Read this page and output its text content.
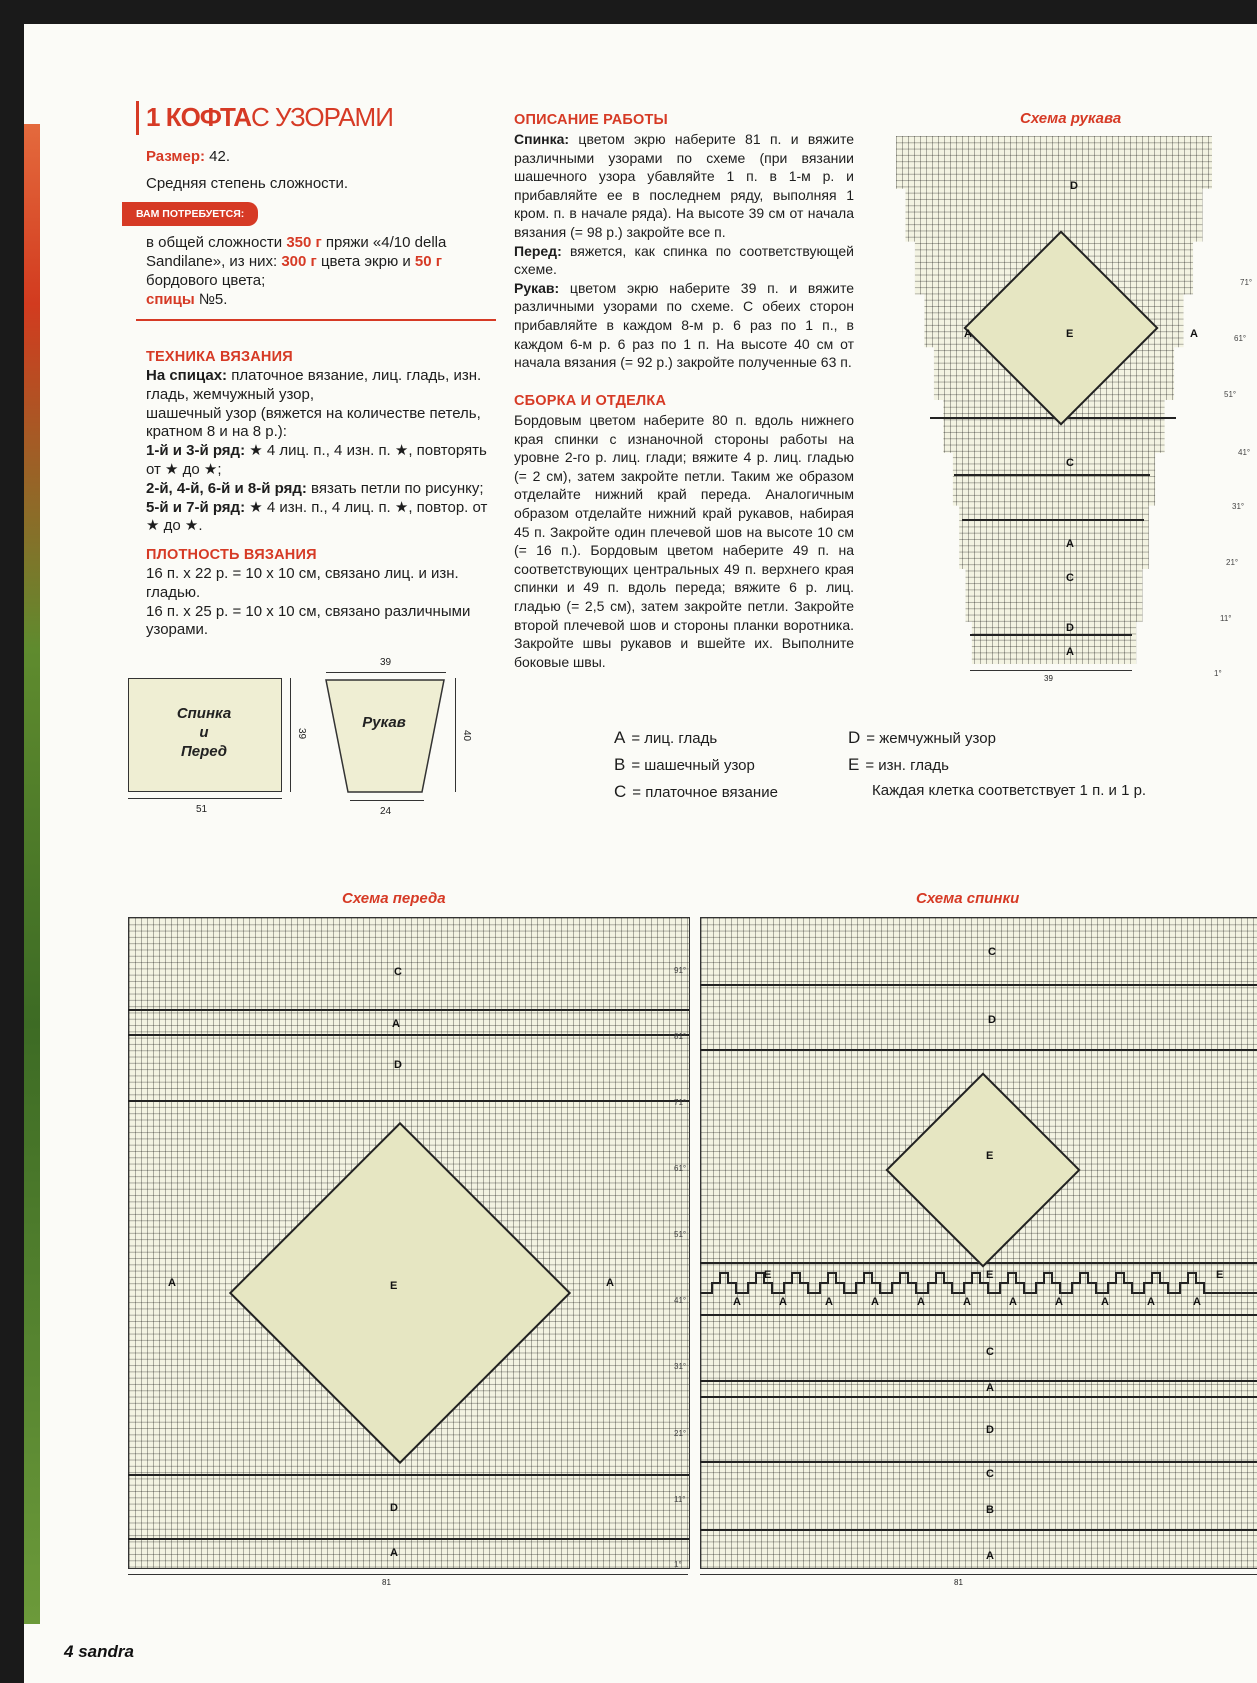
1 КОФТАС УЗОРАМИ
Размер: 42.
Средняя степень сложности.
ВАМ ПОТРЕБУЕТСЯ:
в общей сложности 350 г пряжи «4/10 della Sandilane», из них: 300 г цвета экрю и 50 г бордового цвета;
спицы №5.
ТЕХНИКА ВЯЗАНИЯ
На спицах: платочное вязание, лиц. гладь, изн. гладь, жемчужный узор,
шашечный узор (вяжется на количестве петель, кратном 8 и на 8 р.):
1-й и 3-й ряд: ★ 4 лиц. п., 4 изн. п. ★, повторять от ★ до ★;
2-й, 4-й, 6-й и 8-й ряд: вязать петли по рисунку;
5-й и 7-й ряд: ★ 4 изн. п., 4 лиц. п. ★, повтор. от ★ до ★.
ПЛОТНОСТЬ ВЯЗАНИЯ
16 п. x 22 р. = 10 х 10 см, связано лиц. и изн. гладью.
16 п. х 25 р. = 10 х 10 см, связано различными узорами.
ОПИСАНИЕ РАБОТЫ
Спинка: цветом экрю наберите 81 п. и вяжите различными узорами по схеме (при вязании шашечного узора убавляйте 1 п. в 1-м р. и прибавляйте ее в последнем ряду, выполняя 1 кром. п. в начале ряда). На высоте 39 см от начала вязания (= 98 р.) закройте все п.
Перед: вяжется, как спинка по соответствующей схеме.
Рукав: цветом экрю наберите 39 п. и вяжите различными узорами по схеме. С обеих сторон прибавляйте в каждом 8-м р. 6 раз по 1 п., в каждом 6-м р. 6 раз по 1 п. На высоте 40 см от начала вязания (= 92 р.) закройте полученные 63 п.
СБОРКА И ОТДЕЛКА
Бордовым цветом наберите 80 п. вдоль нижнего края спинки с изнаночной стороны работы на уровне 2-го р. лиц. глади; вяжите 4 р. лиц. гладью (= 2 см), затем закройте петли. Таким же образом отделайте нижний край переда. Аналогичным образом отделайте нижний край рукавов, набирая 45 п. Закройте один плечевой шов на высоте 10 см (= 16 п.). Бордовым цветом наберите 49 п. на соответствующих центральных 49 п. верхнего края спинки и 49 п. вдоль переда; вяжите 6 р. лиц. гладью (= 2,5 см), затем закройте петли. Закройте второй плечевой шов и стороны планки воротника. Закройте швы рукавов и вшейте их. Выполните боковые швы.
Спинка
и
Перед
51
39
Рукав
39
24
40	A = лиц. гладь
B = шашечный узор
C = платочное вязание
D = жемчужный узор
E = изн. гладь
Каждая клетка соответствует 1 п. и 1 р.
Схема рукава
D
A	E	A
C
A
C
D
A
39
1°
11°
21°
31°
41°
51°
61°
71°
Схема переда
C
A
D
A	E	A
D
A
81
1°
11°
21°
31°
41°
51°
61°
71°
81°
91°
Схема спинки
C
D
E
E
E	E
A	A	A	A	A	A	A	A	A	A	A
C
A
D
C
B
A
81
4 sandra
